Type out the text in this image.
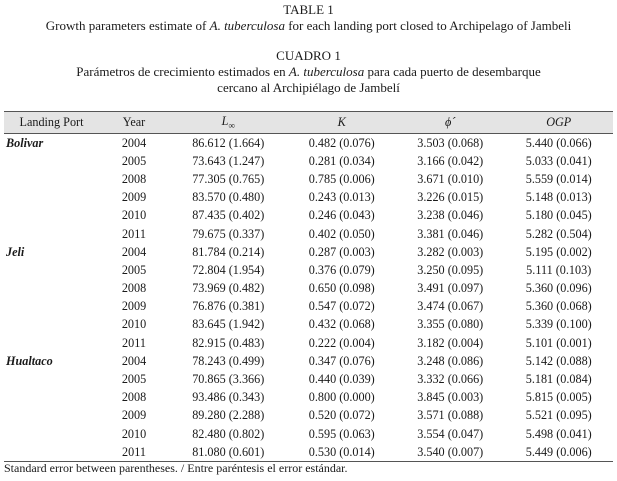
TABLE 1
Growth parameters estimate of A. tuberculosa for each landing port closed to Archipelago of Jambeli
CUADRO 1
Parámetros de crecimiento estimados en A. tuberculosa para cada puerto de desembarque
cercano al Archipiélago de Jambelí
Landing Port	Year	$L_\infty$	K	ϕ´	OGP
Bolivar	2004	86.612 (1.664)	0.482 (0.076)	3.503 (0.068)	5.440 (0.066)
	2005	73.643 (1.247)	0.281 (0.034)	3.166 (0.042)	5.033 (0.041)
	2008	77.305 (0.765)	0.785 (0.006)	3.671 (0.010)	5.559 (0.014)
	2009	83.570 (0.480)	0.243 (0.013)	3.226 (0.015)	5.148 (0.013)
	2010	87.435 (0.402)	0.246 (0.043)	3.238 (0.046)	5.180 (0.045)
	2011	79.675 (0.337)	0.402 (0.050)	3.381 (0.046)	5.282 (0.504)
Jeli	2004	81.784 (0.214)	0.287 (0.003)	3.282 (0.003)	5.195 (0.002)
	2005	72.804 (1.954)	0.376 (0.079)	3.250 (0.095)	5.111 (0.103)
	2008	73.969 (0.482)	0.650 (0.098)	3.491 (0.097)	5.360 (0.096)
	2009	76.876 (0.381)	0.547 (0.072)	3.474 (0.067)	5.360 (0.068)
	2010	83.645 (1.942)	0.432 (0.068)	3.355 (0.080)	5.339 (0.100)
	2011	82.915 (0.483)	0.222 (0.004)	3.182 (0.004)	5.101 (0.001)
Hualtaco	2004	78.243 (0.499)	0.347 (0.076)	3.248 (0.086)	5.142 (0.088)
	2005	70.865 (3.366)	0.440 (0.039)	3.332 (0.066)	5.181 (0.084)
	2008	93.486 (0.343)	0.800 (0.000)	3.845 (0.003)	5.815 (0.005)
	2009	89.280 (2.288)	0.520 (0.072)	3.571 (0.088)	5.521 (0.095)
	2010	82.480 (0.802)	0.595 (0.063)	3.554 (0.047)	5.498 (0.041)
	2011	81.080 (0.601)	0.530 (0.014)	3.540 (0.007)	5.449 (0.006)
Standard error between parentheses. / Entre paréntesis el error estándar.
